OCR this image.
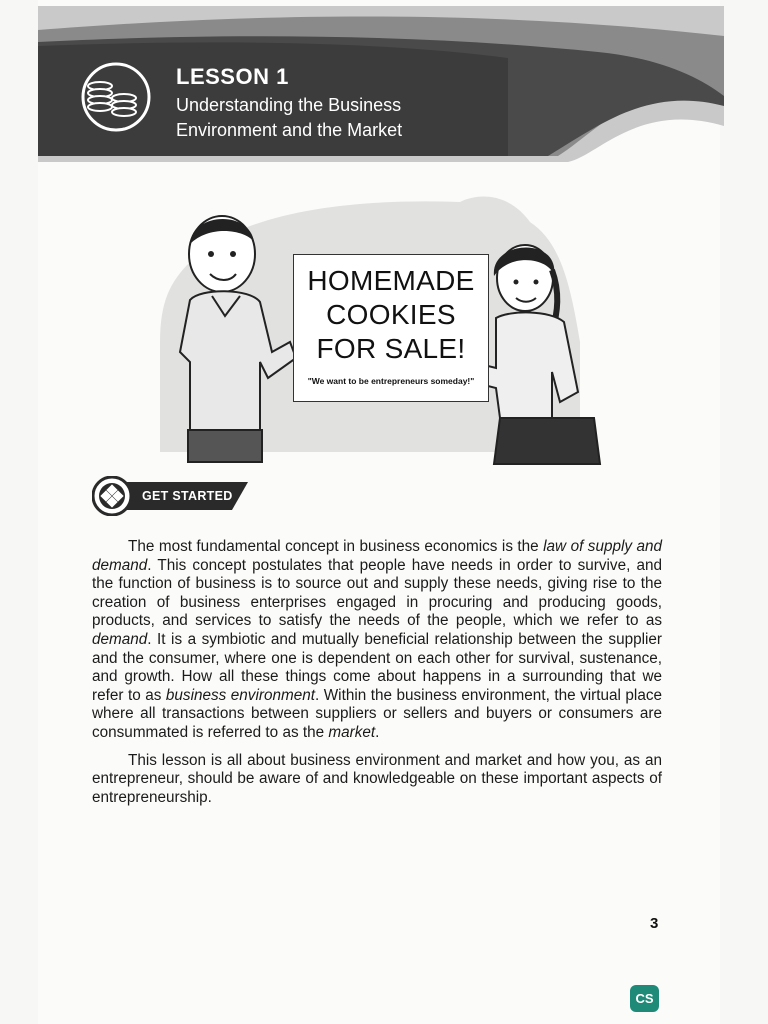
LESSON 1
Understanding the Business
Environment and the Market
HOMEMADE
COOKIES
FOR SALE!
"We want to be entrepreneurs someday!"
GET STARTED

The most fundamental concept in business economics is the law of supply and demand. This concept postulates that people have needs in order to survive, and the function of business is to source out and supply these needs, giving rise to the creation of business enterprises engaged in procuring and producing goods, products, and services to satisfy the needs of the people, which we refer to as demand. It is a symbiotic and mutually beneficial relationship between the supplier and the consumer, where one is dependent on each other for survival, sustenance, and growth. How all these things come about happens in a surrounding that we refer to as business environment. Within the business environment, the virtual place where all transactions between suppliers or sellers and buyers or consumers are consummated is referred to as the market.

This lesson is all about business environment and market and how you, as an entrepreneur, should be aware of and knowledgeable on these important aspects of entrepreneurship.

3
CS
